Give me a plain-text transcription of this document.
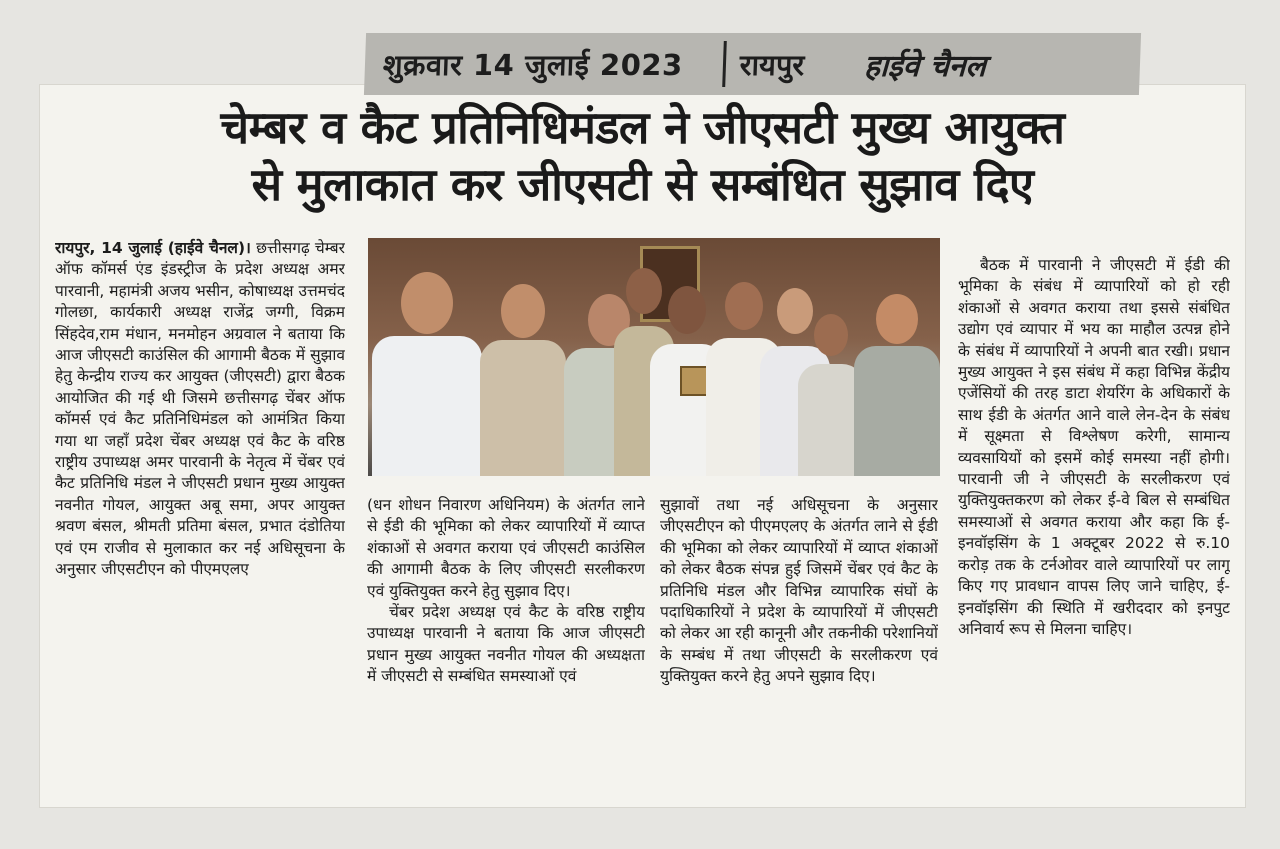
शुक्रवार 14 जुलाई 2023 रायपुर हाईवे चैनल
चेम्बर व कैट प्रतिनिधिमंडल ने जीएसटी मुख्य आयुक्त
से मुलाकात कर जीएसटी से सम्बंधित सुझाव दिए

रायपुर, 14 जुलाई (हाईवे चैनल)। छत्तीसगढ़ चेम्बर ऑफ कॉमर्स एंड इंडस्ट्रीज के प्रदेश अध्यक्ष अमर पारवानी, महामंत्री अजय भसीन, कोषाध्यक्ष उत्तमचंद गोलछा, कार्यकारी अध्यक्ष राजेंद्र जग्गी, विक्रम सिंहदेव,राम मंधान, मनमोहन अग्रवाल ने बताया कि आज जीएसटी काउंसिल की आगामी बैठक में सुझाव हेतु केन्द्रीय राज्य कर आयुक्त (जीएसटी) द्वारा बैठक आयोजित की गई थी जिसमे छत्तीसगढ़ चेंबर ऑफ कॉमर्स एवं कैट प्रतिनिधिमंडल को आमंत्रित किया गया था जहाँ प्रदेश चेंबर अध्यक्ष एवं कैट के वरिष्ठ राष्ट्रीय उपाध्यक्ष अमर पारवानी के नेतृत्व में चेंबर एवं कैट प्रतिनिधि मंडल ने जीएसटी प्रधान मुख्य आयुक्त नवनीत गोयल, आयुक्त अबू समा, अपर आयुक्त श्रवण बंसल, श्रीमती प्रतिमा बंसल, प्रभात दंडोतिया एवं एम राजीव से मुलाकात कर नई अधिसूचना के अनुसार जीएसटीएन को पीएमएलए

(धन शोधन निवारण अधिनियम) के अंतर्गत लाने से ईडी की भूमिका को लेकर व्यापारियों में व्याप्त शंकाओं से अवगत कराया एवं जीएसटी काउंसिल की आगामी बैठक के लिए जीएसटी सरलीकरण एवं युक्तियुक्त करने हेतु सुझाव दिए।

चेंबर प्रदेश अध्यक्ष एवं कैट के वरिष्ठ राष्ट्रीय उपाध्यक्ष पारवानी ने बताया कि आज जीएसटी प्रधान मुख्य आयुक्त नवनीत गोयल की अध्यक्षता में जीएसटी से सम्बंधित समस्याओं एवं

सुझावों तथा नई अधिसूचना के अनुसार जीएसटीएन को पीएमएलए के अंतर्गत लाने से ईडी की भूमिका को लेकर व्यापारियों में व्याप्त शंकाओं को लेकर बैठक संपन्न हुई जिसमें चेंबर एवं कैट के प्रतिनिधि मंडल और विभिन्न व्यापारिक संघों के पदाधिकारियों ने प्रदेश के व्यापारियों में जीएसटी को लेकर आ रही कानूनी और तकनीकी परेशानियों के सम्बंध में तथा जीएसटी के सरलीकरण एवं युक्तियुक्त करने हेतु अपने सुझाव दिए।

बैठक में पारवानी ने जीएसटी में ईडी की भूमिका के संबंध में व्यापारियों को हो रही शंकाओं से अवगत कराया तथा इससे संबंधित उद्योग एवं व्यापार में भय का माहौल उत्पन्न होने के संबंध में व्यापारियों ने अपनी बात रखी। प्रधान मुख्य आयुक्त ने इस संबंध में कहा विभिन्न केंद्रीय एजेंसियों की तरह डाटा शेयरिंग के अधिकारों के साथ ईडी के अंतर्गत आने वाले लेन-देन के संबंध में सूक्ष्मता से विश्लेषण करेगी, सामान्य व्यवसायियों को इसमें कोई समस्या नहीं होगी। पारवानी जी ने जीएसटी के सरलीकरण एवं युक्तियुक्तकरण को लेकर ई-वे बिल से सम्बंधित समस्याओं से अवगत कराया और कहा कि ई-इनवॉइसिंग के 1 अक्टूबर 2022 से रु.10 करोड़ तक के टर्नओवर वाले व्यापारियों पर लागू किए गए प्रावधान वापस लिए जाने चाहिए, ई-इनवॉइसिंग की स्थिति में खरीददार को इनपुट अनिवार्य रूप से मिलना चाहिए।
